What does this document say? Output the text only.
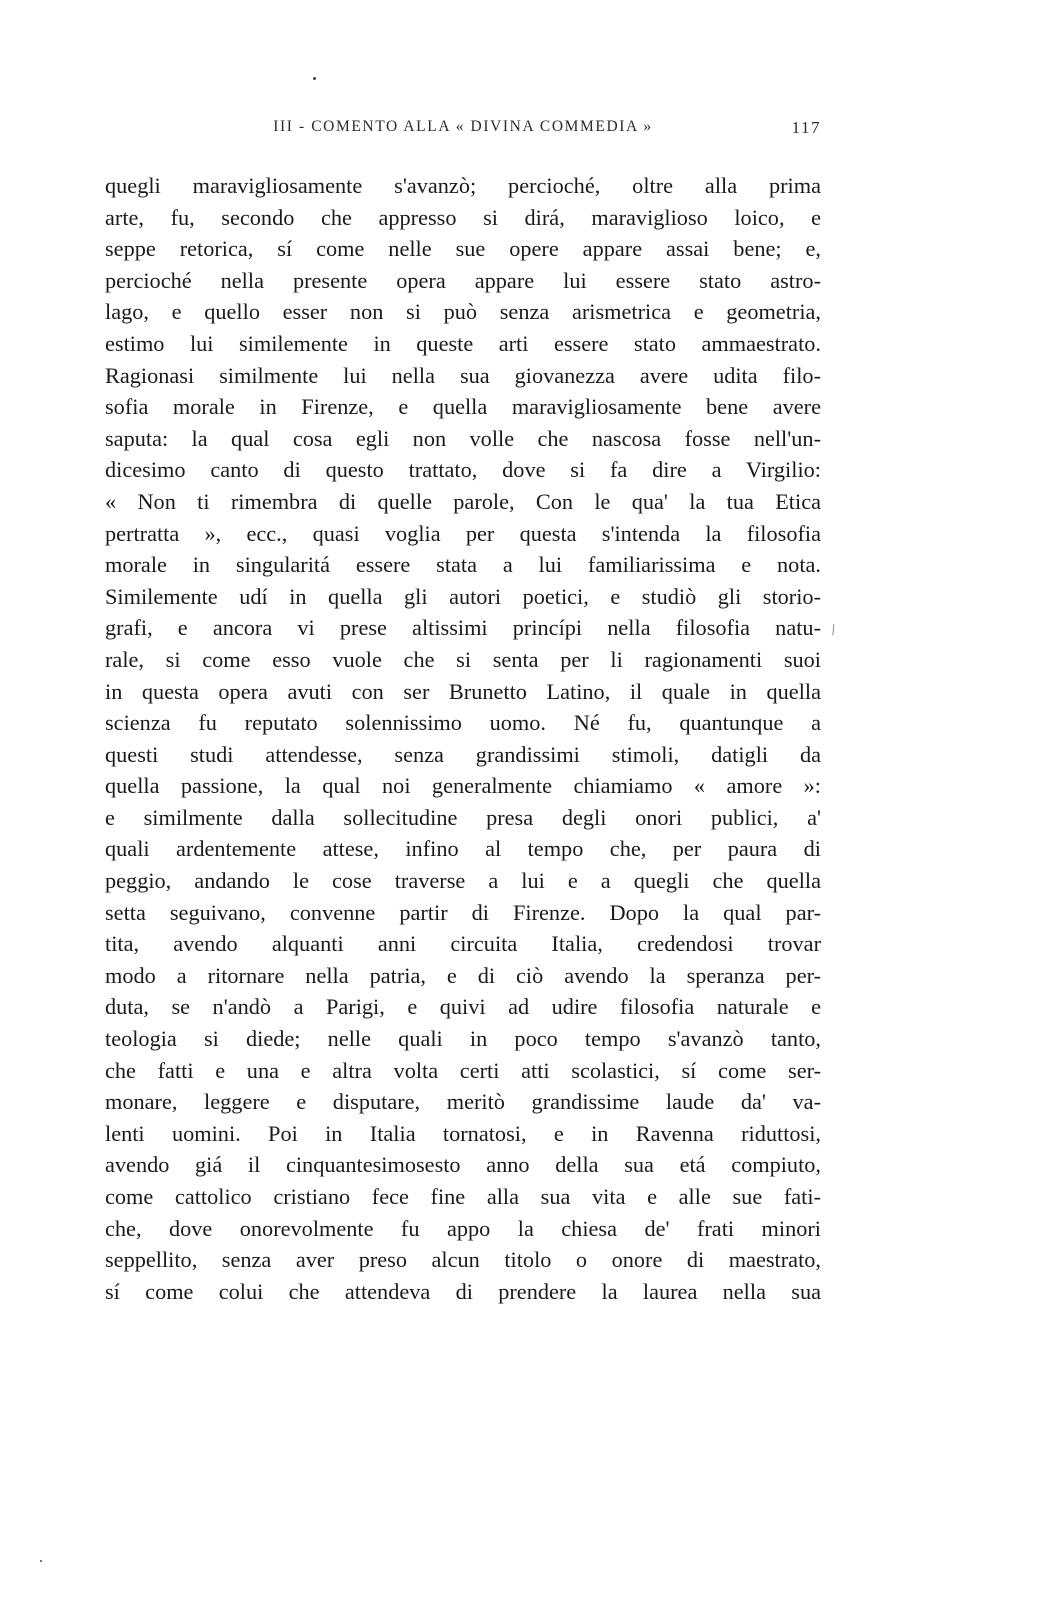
III - COMENTO ALLA « DIVINA COMMEDIA »	117
⁄
quegli maravigliosamente s'avanzò; percioché, oltre alla prima
arte, fu, secondo che appresso si dirá, maraviglioso loico, e
seppe retorica, sí come nelle sue opere appare assai bene; e,
percioché nella presente opera appare lui essere stato astro-
lago, e quello esser non si può senza arismetrica e geometria,
estimo lui similemente in queste arti essere stato ammaestrato.
Ragionasi similmente lui nella sua giovanezza avere udita filo-
sofia morale in Firenze, e quella maravigliosamente bene avere
saputa: la qual cosa egli non volle che nascosa fosse nell'un-
dicesimo canto di questo trattato, dove si fa dire a Virgilio:
« Non ti rimembra di quelle parole, Con le qua' la tua Etica
pertratta », ecc., quasi voglia per questa s'intenda la filosofia
morale in singularitá essere stata a lui familiarissima e nota.
Similemente udí in quella gli autori poetici, e studiò gli storio-
grafi, e ancora vi prese altissimi princípi nella filosofia natu-
rale, si come esso vuole che si senta per li ragionamenti suoi
in questa opera avuti con ser Brunetto Latino, il quale in quella
scienza fu reputato solennissimo uomo. Né fu, quantunque a
questi studi attendesse, senza grandissimi stimoli, datigli da
quella passione, la qual noi generalmente chiamiamo « amore »:
e similmente dalla sollecitudine presa degli onori publici, a'
quali ardentemente attese, infino al tempo che, per paura di
peggio, andando le cose traverse a lui e a quegli che quella
setta seguivano, convenne partir di Firenze. Dopo la qual par-
tita, avendo alquanti anni circuita Italia, credendosi trovar
modo a ritornare nella patria, e di ciò avendo la speranza per-
duta, se n'andò a Parigi, e quivi ad udire filosofia naturale e
teologia si diede; nelle quali in poco tempo s'avanzò tanto,
che fatti e una e altra volta certi atti scolastici, sí come ser-
monare, leggere e disputare, meritò grandissime laude da' va-
lenti uomini. Poi in Italia tornatosi, e in Ravenna riduttosi,
avendo giá il cinquantesimosesto anno della sua etá compiuto,
come cattolico cristiano fece fine alla sua vita e alle sue fati-
che, dove onorevolmente fu appo la chiesa de' frati minori
seppellito, senza aver preso alcun titolo o onore di maestrato,
sí come colui che attendeva di prendere la laurea nella sua
